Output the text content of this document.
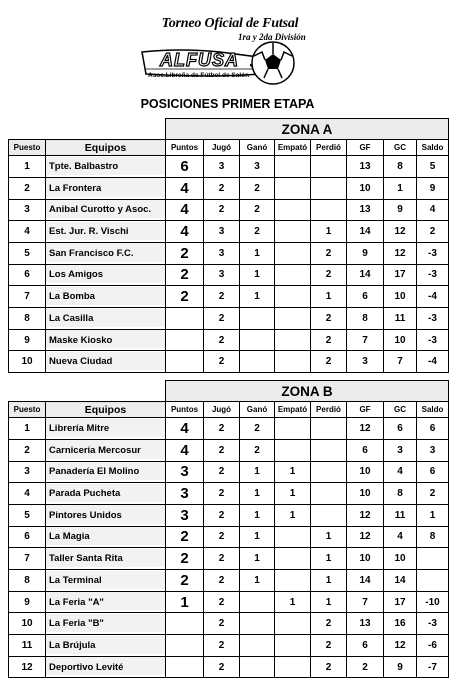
Torneo Oficial de Futsal
1ra y 2da División
ALFUSA
Asoc.Libreña de Fútbol de Salón
POSICIONES PRIMER ETAPA
		ZONA A							
Puesto	Equipos	Puntos	Jugó	Ganó	Empató	Perdió	GF	GC	Saldo
1	Tpte. Balbastro	6	3	3			13	8	5
2	La Frontera	4	2	2			10	1	9
3	Anibal Curotto y Asoc.	4	2	2			13	9	4
4	Est. Jur. R. Vischi	4	3	2		1	14	12	2
5	San Francisco F.C.	2	3	1		2	9	12	-3
6	Los Amigos	2	3	1		2	14	17	-3
7	La Bomba	2	2	1		1	6	10	-4
8	La Casilla		2			2	8	11	-3
9	Maske Kiosko		2			2	7	10	-3
10	Nueva Ciudad		2			2	3	7	-4
		ZONA B							
Puesto	Equipos	Puntos	Jugó	Ganó	Empató	Perdió	GF	GC	Saldo
1	Librería Mitre	4	2	2			12	6	6
2	Carnicería Mercosur	4	2	2			6	3	3
3	Panadería El Molino	3	2	1	1		10	4	6
4	Parada Pucheta	3	2	1	1		10	8	2
5	Pintores Unidos	3	2	1	1		12	11	1
6	La Magia	2	2	1		1	12	4	8
7	Taller Santa Rita	2	2	1		1	10	10	
8	La Terminal	2	2	1		1	14	14	
9	La Feria "A"	1	2		1	1	7	17	-10
10	La Feria "B"		2			2	13	16	-3
11	La Brújula		2			2	6	12	-6
12	Deportivo Levité		2			2	2	9	-7
